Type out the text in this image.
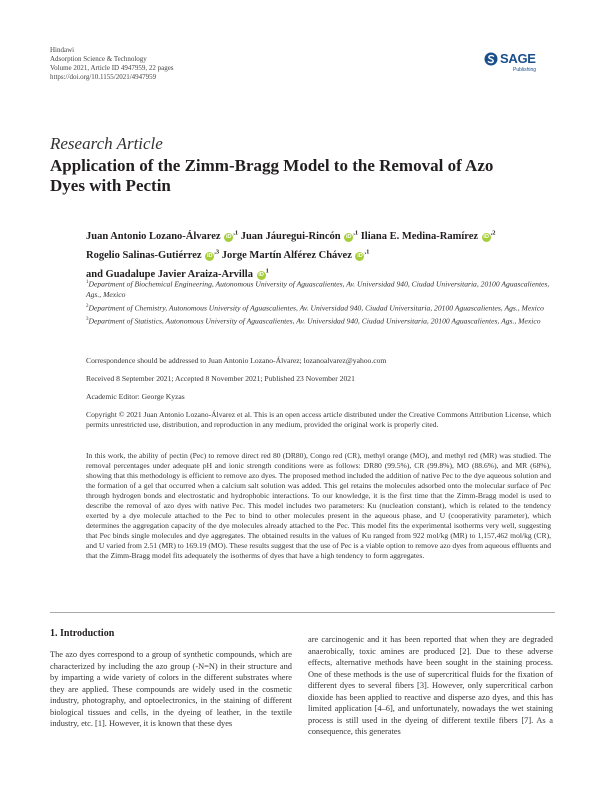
Hindawi
Adsorption Science & Technology
Volume 2021, Article ID 4947959, 22 pages
https://doi.org/10.1155/2021/4947959
SAGE
Publishing
Research Article
Application of the Zimm-Bragg Model to the Removal of Azo Dyes with Pectin
Juan Antonio Lozano-Álvarez $iD^{,1}$ Juan Jáuregui-Rincón $iD^{,1}$ Iliana E. Medina-Ramírez $iD^{,2}$
Rogelio Salinas-Gutiérrez $iD^{,3}$ Jorge Martín Alférez Chávez $iD^{,1}$
and Guadalupe Javier Araiza-Arvilla $iD^1$
$^1$Department of Biochemical Engineering, Autonomous University of Aguascalientes, Av. Universidad 940, Ciudad Universitaria, 20100 Aguascalientes, Ags., Mexico
$^2$Department of Chemistry, Autonomous University of Aguascalientes, Av. Universidad 940, Ciudad Universitaria, 20100 Aguascalientes, Ags., Mexico
$^3$Department of Statistics, Autonomous University of Aguascalientes, Av. Universidad 940, Ciudad Universitaria, 20100 Aguascalientes, Ags., Mexico
Correspondence should be addressed to Juan Antonio Lozano-Álvarez; lozanoalvarez@yahoo.com
Received 8 September 2021; Accepted 8 November 2021; Published 23 November 2021
Academic Editor: George Kyzas
Copyright © 2021 Juan Antonio Lozano-Álvarez et al. This is an open access article distributed under the Creative Commons Attribution License, which permits unrestricted use, distribution, and reproduction in any medium, provided the original work is properly cited.
In this work, the ability of pectin (Pec) to remove direct red 80 (DR80), Congo red (CR), methyl orange (MO), and methyl red (MR) was studied. The removal percentages under adequate pH and ionic strength conditions were as follows: DR80 (99.5%), CR (99.8%), MO (88.6%), and MR (68%), showing that this methodology is efficient to remove azo dyes. The proposed method included the addition of native Pec to the dye aqueous solution and the formation of a gel that occurred when a calcium salt solution was added. This gel retains the molecules adsorbed onto the molecular surface of Pec through hydrogen bonds and electrostatic and hydrophobic interactions. To our knowledge, it is the first time that the Zimm-Bragg model is used to describe the removal of azo dyes with native Pec. This model includes two parameters: Ku (nucleation constant), which is related to the tendency exerted by a dye molecule attached to the Pec to bind to other molecules present in the aqueous phase, and U (cooperativity parameter), which determines the aggregation capacity of the dye molecules already attached to the Pec. This model fits the experimental isotherms very well, suggesting that Pec binds single molecules and dye aggregates. The obtained results in the values of Ku ranged from 922 mol/kg (MR) to 1,157,462 mol/kg (CR), and U varied from 2.51 (MR) to 169.19 (MO). These results suggest that the use of Pec is a viable option to remove azo dyes from aqueous effluents and that the Zimm-Bragg model fits adequately the isotherms of dyes that have a high tendency to form aggregates.
1. Introduction
The azo dyes correspond to a group of synthetic compounds, which are characterized by including the azo group (-N=N) in their structure and by imparting a wide variety of colors in the different substrates where they are applied. These compounds are widely used in the cosmetic industry, photography, and optoelectronics, in the staining of different biological tissues and cells, in the dyeing of leather, in the textile industry, etc. [1]. However, it is known that these dyes
are carcinogenic and it has been reported that when they are degraded anaerobically, toxic amines are produced [2]. Due to these adverse effects, alternative methods have been sought in the staining process. One of these methods is the use of supercritical fluids for the fixation of different dyes to several fibers [3]. However, only supercritical carbon dioxide has been applied to reactive and disperse azo dyes, and this has limited application [4–6], and unfortunately, nowadays the wet staining process is still used in the dyeing of different textile fibers [7]. As a consequence, this generates
